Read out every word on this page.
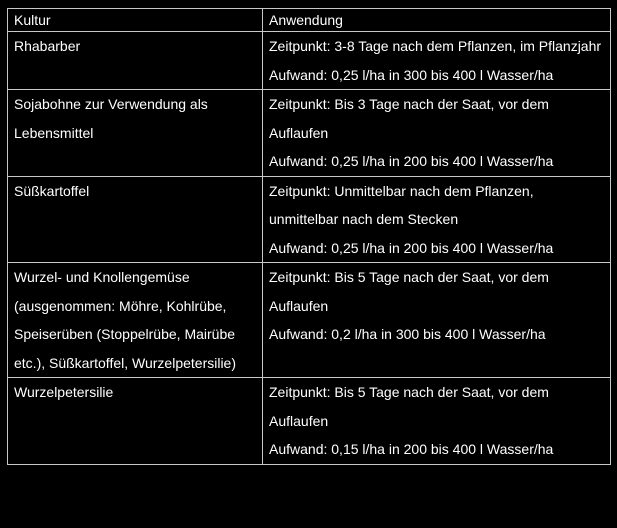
Kultur	Anwendung
Rhabarber	Zeitpunkt: 3-8 Tage nach dem Pflanzen, im Pflanzjahr
Aufwand: 0,25 l/ha in 300 bis 400 l Wasser/ha

Sojabohne zur Verwendung als Lebensmittel	Zeitpunkt: Bis 3 Tage nach der Saat, vor dem Auflaufen
Aufwand: 0,25 l/ha in 200 bis 400 l Wasser/ha

Süßkartoffel	Zeitpunkt: Unmittelbar nach dem Pflanzen, unmittelbar nach dem Stecken
Aufwand: 0,25 l/ha in 200 bis 400 l Wasser/ha

Wurzel- und Knollengemüse (ausgenommen: Möhre, Kohlrübe, Speiserüben (Stoppelrübe, Mairübe etc.), Süßkartoffel, Wurzelpetersilie)	Zeitpunkt: Bis 5 Tage nach der Saat, vor dem Auflaufen
Aufwand: 0,2 l/ha in 300 bis 400 l Wasser/ha

Wurzelpetersilie	Zeitpunkt: Bis 5 Tage nach der Saat, vor dem Auflaufen
Aufwand: 0,15 l/ha in 200 bis 400 l Wasser/ha
